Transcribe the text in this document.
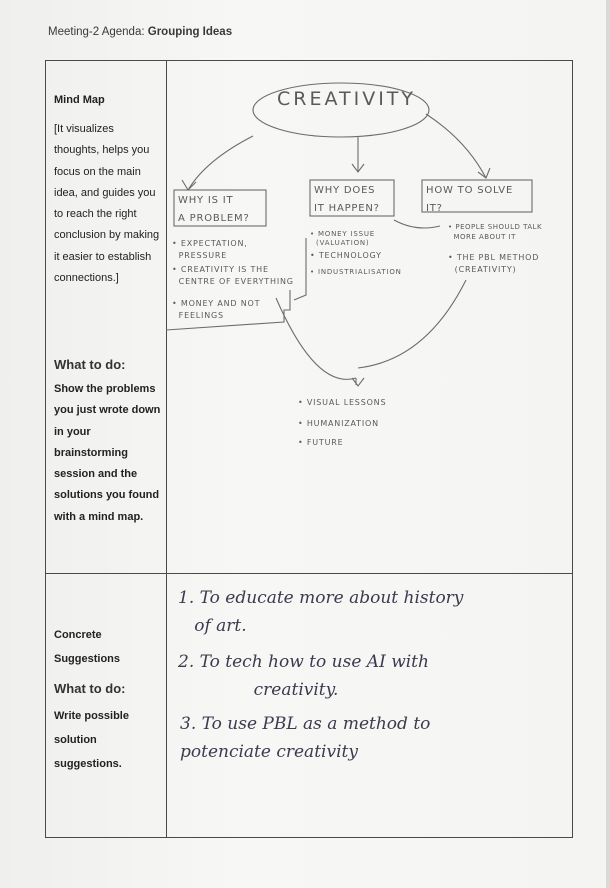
Meeting-2 Agenda: Grouping Ideas

Mind Map

[It visualizes thoughts, helps you focus on the main idea, and guides you to reach the right conclusion by making it easier to establish connections.]

What to do:

Show the problems you just wrote down in your brainstorming session and the solutions you found with a mind map.

Concrete Suggestions

What to do:

Write possible solution suggestions.

CREATIVITY
WHY IS IT
A PROBLEM?
• EXPECTATION,
PRESSURE
• CREATIVITY IS THE
CENTRE OF EVERYTHING
• MONEY AND NOT
FEELINGS
WHY DOES
IT HAPPEN?
• MONEY ISSUE
(VALUATION)
• TECHNOLOGY
• INDUSTRIALISATION
HOW TO SOLVE
IT?
• PEOPLE SHOULD TALK
MORE ABOUT IT
• THE PBL METHOD
(CREATIVITY)
• VISUAL LESSONS
• HUMANIZATION
• FUTURE
1. To educate more about history
of art.
2. To tech how to use AI with
creativity.
3. To use PBL as a method to
potenciate creativity
